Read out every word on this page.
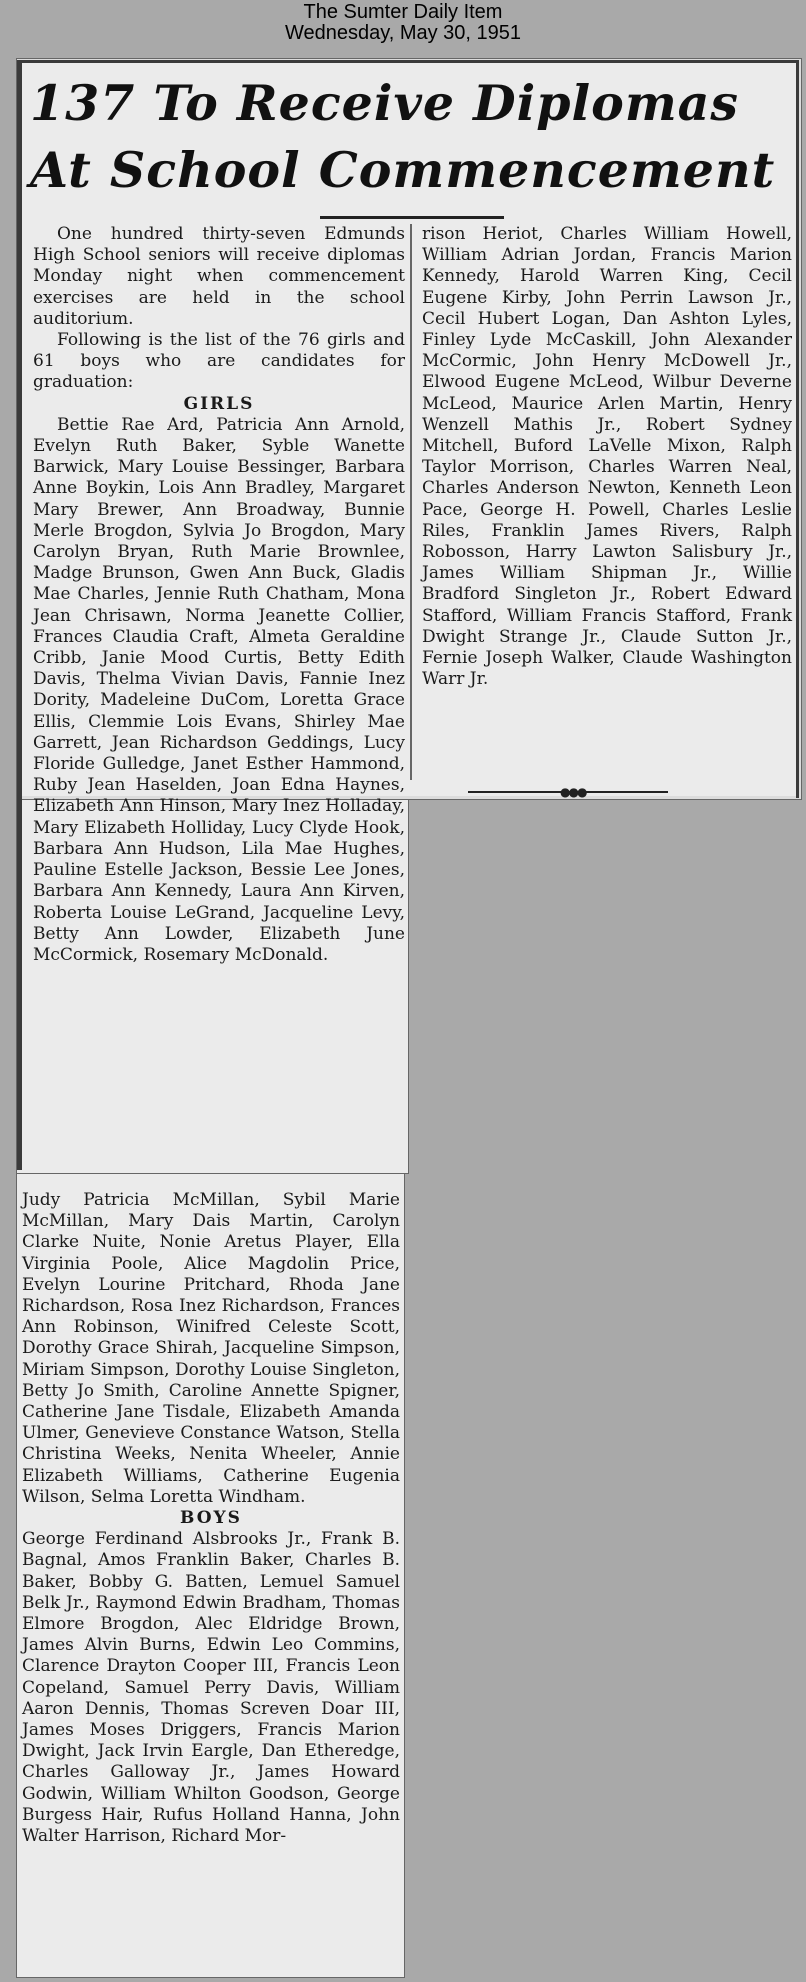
The Sumter Daily Item
Wednesday, May 30, 1951
137 To Receive Diplomas
At School Commencement

One hundred thirty-seven Edmunds High School seniors will receive diplomas Monday night when commencement exercises are held in the school auditorium.

Following is the list of the 76 girls and 61 boys who are candidates for graduation:

GIRLS

Bettie Rae Ard, Patricia Ann Arnold, Evelyn Ruth Baker, Syble Wanette Barwick, Mary Louise Bessinger, Barbara Anne Boykin, Lois Ann Bradley, Margaret Mary Brewer, Ann Broadway, Bunnie Merle Brogdon, Sylvia Jo Brogdon, Mary Carolyn Bryan, Ruth Marie Brownlee, Madge Brunson, Gwen Ann Buck, Gladis Mae Charles, Jennie Ruth Chatham, Mona Jean Chrisawn, Norma Jeanette Collier, Frances Claudia Craft, Almeta Geraldine Cribb, Janie Mood Curtis, Betty Edith Davis, Thelma Vivian Davis, Fannie Inez Dority, Madeleine DuCom, Loretta Grace Ellis, Clemmie Lois Evans, Shirley Mae Garrett, Jean Richardson Geddings, Lucy Floride Gulledge, Janet Esther Hammond, Ruby Jean Haselden, Joan Edna Haynes, Elizabeth Ann Hinson, Mary Inez Holladay, Mary Elizabeth Holliday, Lucy Clyde Hook, Barbara Ann Hudson, Lila Mae Hughes, Pauline Estelle Jackson, Bessie Lee Jones, Barbara Ann Kennedy, Laura Ann Kirven, Roberta Louise LeGrand, Jacqueline Levy, Betty Ann Lowder, Elizabeth June McCormick, Rosemary McDonald.

Judy Patricia McMillan, Sybil Marie McMillan, Mary Dais Martin, Carolyn Clarke Nuite, Nonie Aretus Player, Ella Virginia Poole, Alice Magdolin Price, Evelyn Lourine Pritchard, Rhoda Jane Richardson, Rosa Inez Richardson, Frances Ann Robinson, Winifred Celeste Scott, Dorothy Grace Shirah, Jacqueline Simpson, Miriam Simpson, Dorothy Louise Singleton, Betty Jo Smith, Caroline Annette Spigner, Catherine Jane Tisdale, Elizabeth Amanda Ulmer, Genevieve Constance Watson, Stella Christina Weeks, Nenita Wheeler, Annie Elizabeth Williams, Catherine Eugenia Wilson, Selma Loretta Windham.

BOYS

George Ferdinand Alsbrooks Jr., Frank B. Bagnal, Amos Franklin Baker, Charles B. Baker, Bobby G. Batten, Lemuel Samuel Belk Jr., Raymond Edwin Bradham, Thomas Elmore Brogdon, Alec Eldridge Brown, James Alvin Burns, Edwin Leo Commins, Clarence Drayton Cooper III, Francis Leon Copeland, Samuel Perry Davis, William Aaron Dennis, Thomas Screven Doar III, James Moses Driggers, Francis Marion Dwight, Jack Irvin Eargle, Dan Etheredge, Charles Galloway Jr., James Howard Godwin, William Whilton Goodson, George Burgess Hair, Rufus Holland Hanna, John Walter Harrison, Richard Mor-

rison Heriot, Charles William Howell, William Adrian Jordan, Francis Marion Kennedy, Harold Warren King, Cecil Eugene Kirby, John Perrin Lawson Jr., Cecil Hubert Logan, Dan Ashton Lyles, Finley Lyde McCaskill, John Alexander McCormic, John Henry McDowell Jr., Elwood Eugene McLeod, Wilbur Deverne McLeod, Maurice Arlen Martin, Henry Wenzell Mathis Jr., Robert Sydney Mitchell, Buford LaVelle Mixon, Ralph Taylor Morrison, Charles Warren Neal, Charles Anderson Newton, Kenneth Leon Pace, George H. Powell, Charles Leslie Riles, Franklin James Rivers, Ralph Robosson, Harry Lawton Salisbury Jr., James William Shipman Jr., Willie Bradford Singleton Jr., Robert Edward Stafford, William Francis Stafford, Frank Dwight Strange Jr., Claude Sutton Jr., Fernie Joseph Walker, Claude Washington Warr Jr.

●●●
